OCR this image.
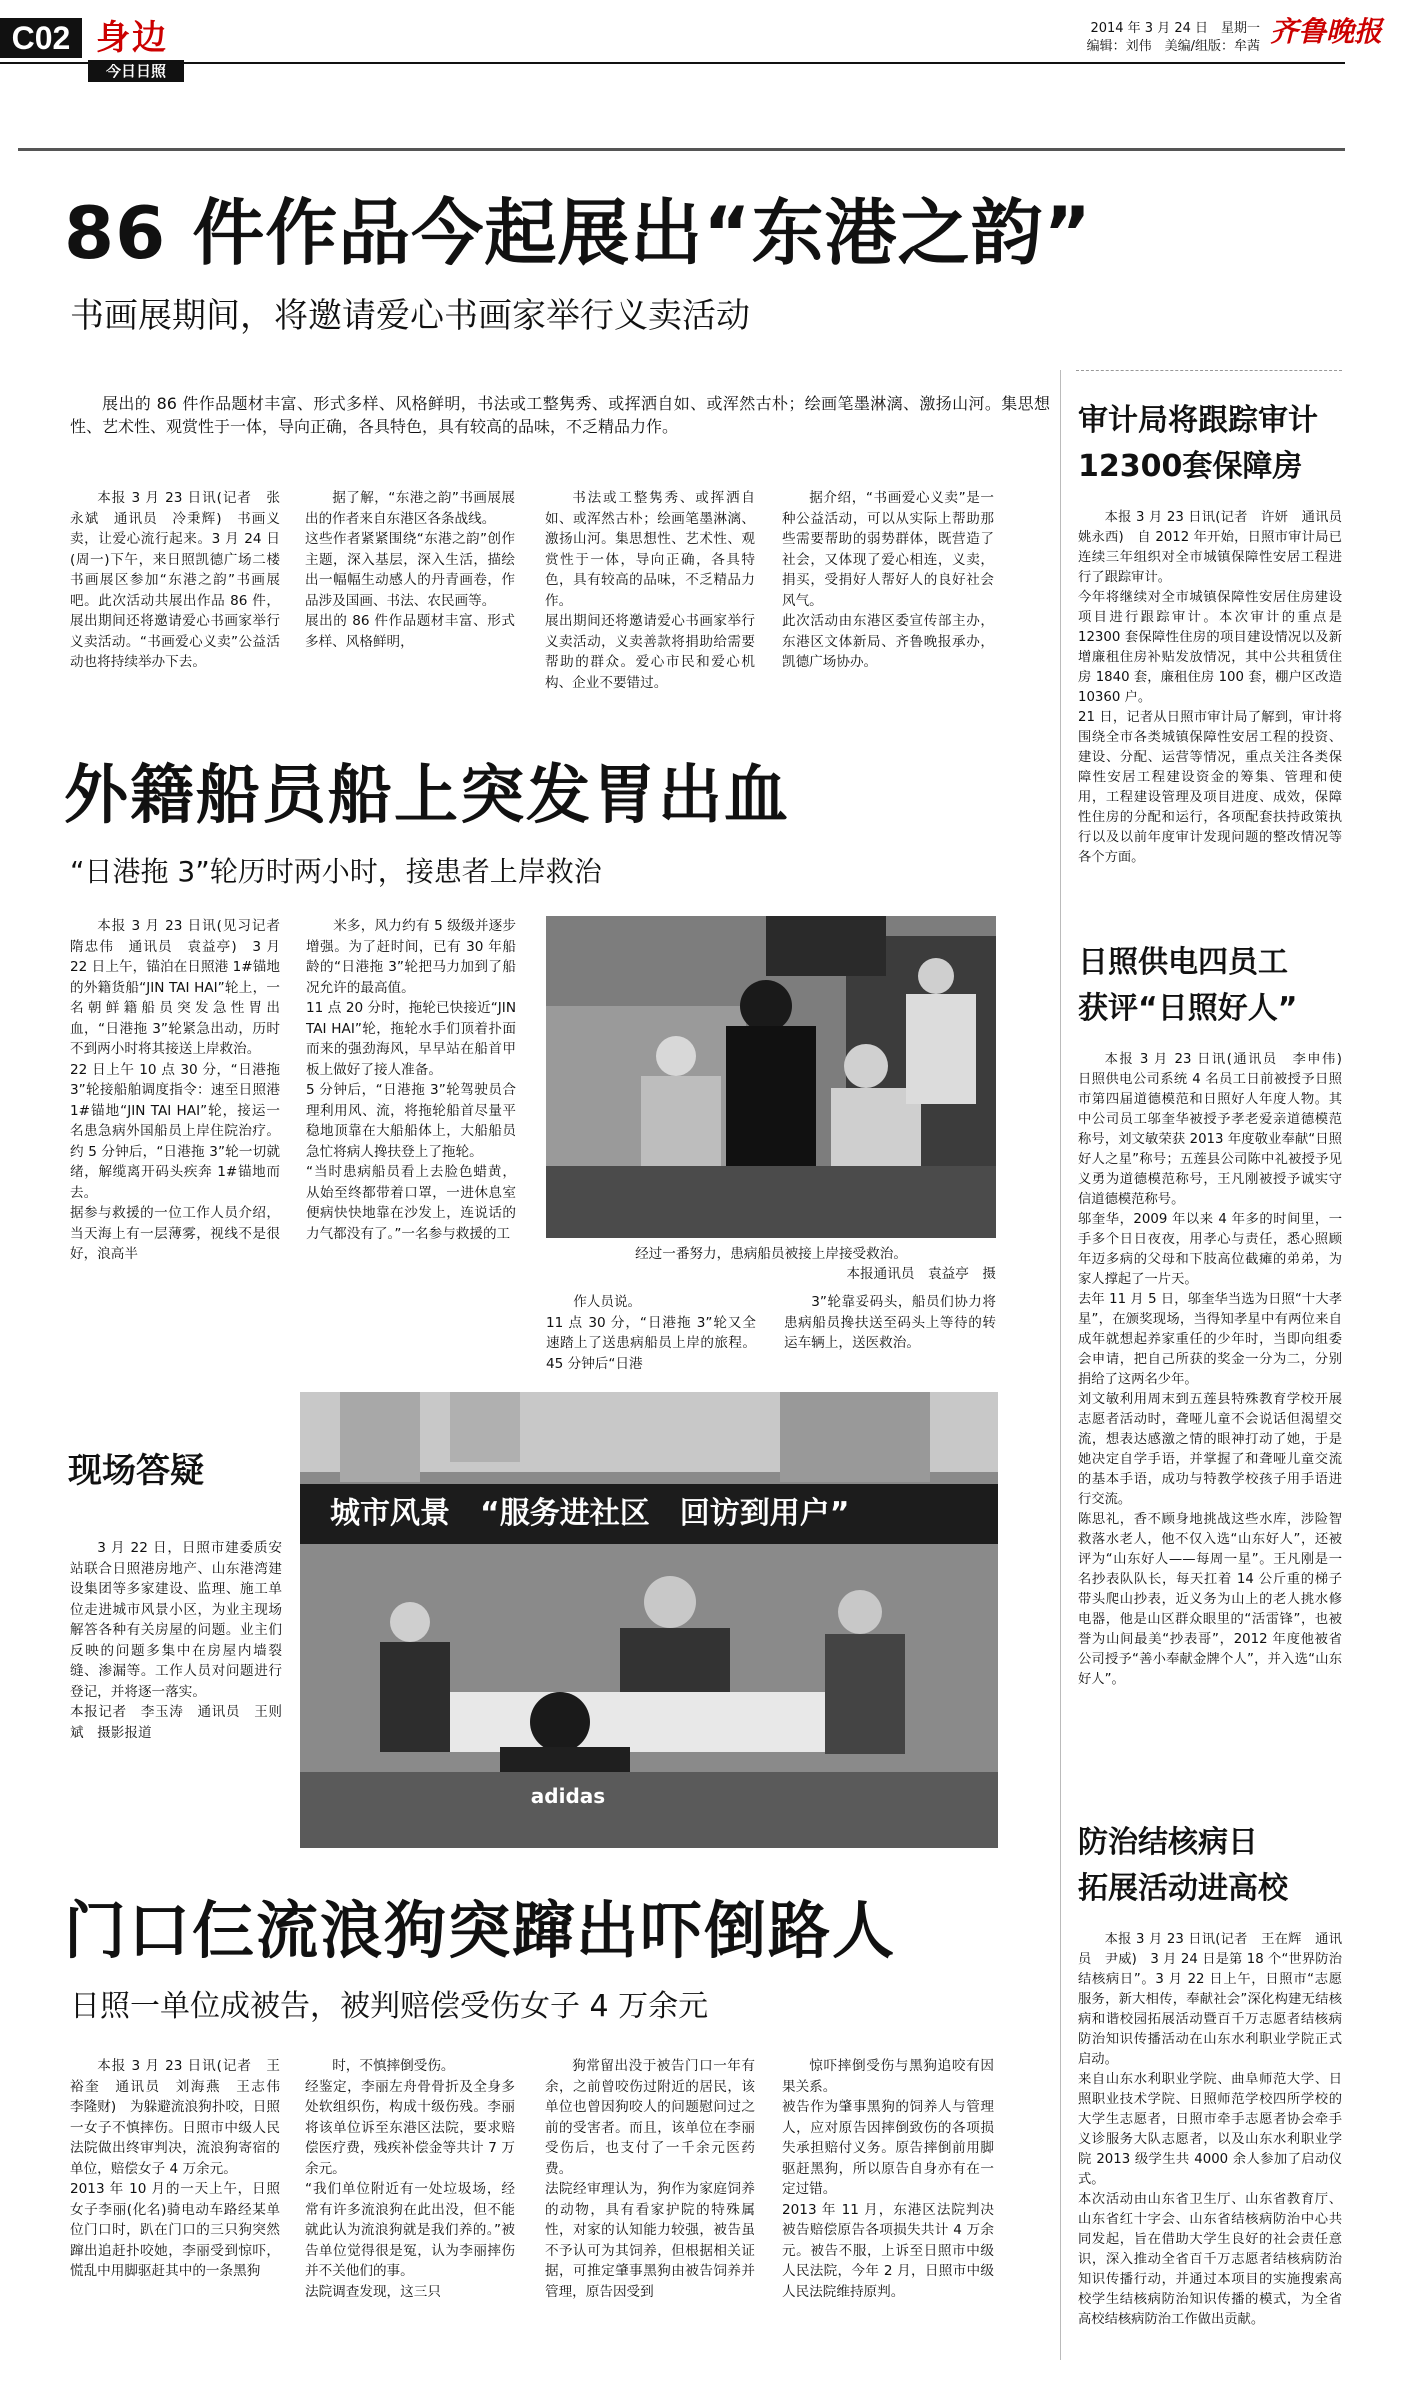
C02 身边
今日日照
2014 年 3 月 24 日　星期一
编辑：刘伟　美编/组版：牟茜 齐鲁晚报
86 件作品今起展出“东港之韵”
书画展期间，将邀请爱心书画家举行义卖活动
展出的 86 件作品题材丰富、形式多样、风格鲜明，书法或工整隽秀、或挥洒自如、或浑然古朴；绘画笔墨淋漓、激扬山河。集思想性、艺术性、观赏性于一体，导向正确，各具特色，具有较高的品味，不乏精品力作。
本报 3 月 23 日讯(记者　张永斌　通讯员　冷秉辉)　书画义卖，让爱心流行起来。3 月 24 日(周一)下午，来日照凯德广场二楼书画展区参加“东港之韵”书画展吧。此次活动共展出作品 86 件，展出期间还将邀请爱心书画家举行义卖活动。“书画爱心义卖”公益活动也将持续举办下去。
据了解，“东港之韵”书画展展出的作者来自东港区各条战线。
这些作者紧紧围绕“东港之韵”创作主题，深入基层，深入生活，描绘出一幅幅生动感人的丹青画卷，作品涉及国画、书法、农民画等。
展出的 86 件作品题材丰富、形式多样、风格鲜明，
书法或工整隽秀、或挥洒自如、或浑然古朴；绘画笔墨淋漓、激扬山河。集思想性、艺术性、观赏性于一体，导向正确，各具特色，具有较高的品味，不乏精品力作。
展出期间还将邀请爱心书画家举行义卖活动，义卖善款将捐助给需要帮助的群众。爱心市民和爱心机构、企业不要错过。
据介绍，“书画爱心义卖”是一种公益活动，可以从实际上帮助那些需要帮助的弱势群体，既营造了社会，又体现了爱心相连，义卖，捐买，受捐好人帮好人的良好社会风气。
此次活动由东港区委宣传部主办，东港区文体新局、齐鲁晚报承办，凯德广场协办。
外籍船员船上突发胃出血
“日港拖 3”轮历时两小时，接患者上岸救治
本报 3 月 23 日讯(见习记者　隋忠伟　通讯员　袁益亭)　3 月 22 日上午，锚泊在日照港 1#锚地的外籍货船“JIN TAI HAI”轮上，一名朝鲜籍船员突发急性胃出血，“日港拖 3”轮紧急出动，历时不到两小时将其接送上岸救治。
22 日上午 10 点 30 分，“日港拖 3”轮接船舶调度指令：速至日照港 1#锚地“JIN TAI HAI”轮，接运一名患急病外国船员上岸住院治疗。约 5 分钟后，“日港拖 3”轮一切就绪，解缆离开码头疾奔 1#锚地而去。
据参与救援的一位工作人员介绍，当天海上有一层薄雾，视线不是很好，浪高半
米多，风力约有 5 级级并逐步增强。为了赶时间，已有 30 年船龄的“日港拖 3”轮把马力加到了船况允许的最高值。
11 点 20 分时，拖轮已快接近“JIN TAI HAI”轮，拖轮水手们顶着扑面而来的强劲海风，早早站在船首甲板上做好了接人准备。
5 分钟后，“日港拖 3”轮驾驶员合理利用风、流，将拖轮船首尽量平稳地顶靠在大船船体上，大船船员急忙将病人搀扶登上了拖轮。
“当时患病船员看上去脸色蜡黄，从始至终都带着口罩，一进休息室便病快快地靠在沙发上，连说话的力气都没有了。”一名参与救援的工
经过一番努力，患病船员被接上岸接受救治。
本报通讯员　袁益亭　摄
作人员说。
11 点 30 分，“日港拖 3”轮又全速踏上了送患病船员上岸的旅程。45 分钟后“日港
3”轮靠妥码头，船员们协力将患病船员搀扶送至码头上等待的转运车辆上，送医救治。
现场答疑
3 月 22 日，日照市建委质安站联合日照港房地产、山东港湾建设集团等多家建设、监理、施工单位走进城市风景小区，为业主现场解答各种有关房屋的问题。业主们反映的问题多集中在房屋内墙裂缝、渗漏等。工作人员对问题进行登记，并将逐一落实。
本报记者　李玉涛　通讯员　王则斌　摄影报道
城市风景　“服务进社区　回访到用户”
adidas
门口仨流浪狗突蹿出吓倒路人
日照一单位成被告，被判赔偿受伤女子 4 万余元
本报 3 月 23 日讯(记者　王裕奎　通讯员　刘海燕　王志伟　李隆财)　为躲避流浪狗扑咬，日照一女子不慎摔伤。日照市中级人民法院做出终审判决，流浪狗寄宿的单位，赔偿女子 4 万余元。
2013 年 10 月的一天上午，日照女子李丽(化名)骑电动车路经某单位门口时，趴在门口的三只狗突然蹿出追赶扑咬她，李丽受到惊吓，慌乱中用脚驱赶其中的一条黑狗
时，不慎摔倒受伤。
经鉴定，李丽左舟骨骨折及全身多处软组织伤，构成十级伤残。李丽将该单位诉至东港区法院，要求赔偿医疗费，残疾补偿金等共计 7 万余元。
“我们单位附近有一处垃圾场，经常有许多流浪狗在此出没，但不能就此认为流浪狗就是我们养的。”被告单位觉得很是冤，认为李丽摔伤并不关他们的事。
法院调查发现，这三只
狗常留出没于被告门口一年有余，之前曾咬伤过附近的居民，该单位也曾因狗咬人的问题慰问过之前的受害者。而且，该单位在李丽受伤后，也支付了一千余元医药费。
法院经审理认为，狗作为家庭饲养的动物，具有看家护院的特殊属性，对家的认知能力较强，被告虽不予认可为其饲养，但根据相关证据，可推定肇事黑狗由被告饲养并管理，原告因受到
惊吓摔倒受伤与黑狗追咬有因果关系。
被告作为肇事黑狗的饲养人与管理人，应对原告因摔倒致伤的各项损失承担赔付义务。原告摔倒前用脚驱赶黑狗，所以原告自身亦有在一定过错。
2013 年 11 月，东港区法院判决被告赔偿原告各项损失共计 4 万余元。被告不服，上诉至日照市中级人民法院，今年 2 月，日照市中级人民法院维持原判。
审计局将跟踪审计
12300套保障房
本报 3 月 23 日讯(记者　许妍　通讯员　姚永西)　自 2012 年开始，日照市审计局已连续三年组织对全市城镇保障性安居工程进行了跟踪审计。
今年将继续对全市城镇保障性安居住房建设项目进行跟踪审计。本次审计的重点是 12300 套保障性住房的项目建设情况以及新增廉租住房补贴发放情况，其中公共租赁住房 1840 套，廉租住房 100 套，棚户区改造 10360 户。
21 日，记者从日照市审计局了解到，审计将围绕全市各类城镇保障性安居工程的投资、建设、分配、运营等情况，重点关注各类保障性安居工程建设资金的筹集、管理和使用，工程建设管理及项目进度、成效，保障性住房的分配和运行，各项配套扶持政策执行以及以前年度审计发现问题的整改情况等各个方面。
日照供电四员工
获评“日照好人”
本报 3 月 23 日讯(通讯员　李申伟)　日照供电公司系统 4 名员工日前被授予日照市第四届道德模范和日照好人年度人物。其中公司员工邬奎华被授予孝老爱亲道德模范称号，刘文敏荣获 2013 年度敬业奉献“日照好人之星”称号；五莲县公司陈中礼被授予见义勇为道德模范称号，王凡刚被授予诚实守信道德模范称号。
邬奎华，2009 年以来 4 年多的时间里，一手多个日日夜夜，用孝心与责任，悉心照顾年迈多病的父母和下肢高位截瘫的弟弟，为家人撑起了一片天。
去年 11 月 5 日，邬奎华当选为日照“十大孝星”，在颁奖现场，当得知孝星中有两位来自成年就想起养家重任的少年时，当即向组委会申请，把自己所获的奖金一分为二，分别捐给了这两名少年。
刘文敏利用周末到五莲县特殊教育学校开展志愿者活动时，聋哑儿童不会说话但渴望交流，想表达感激之情的眼神打动了她，于是她决定自学手语，并掌握了和聋哑儿童交流的基本手语，成功与特教学校孩子用手语进行交流。
陈思礼，香不顾身地挑战这些水库，涉险智救落水老人，他不仅入选“山东好人”，还被评为“山东好人——每周一星”。王凡刚是一名抄表队队长，每天扛着 14 公斤重的梯子带头爬山抄表，近义务为山上的老人挑水修电器，他是山区群众眼里的“活雷锋”，也被誉为山间最美“抄表哥”，2012 年度他被省公司授予“善小奉献金牌个人”，并入选“山东好人”。
防治结核病日
拓展活动进高校
本报 3 月 23 日讯(记者　王在辉　通讯员　尹威)　3 月 24 日是第 18 个“世界防治结核病日”。3 月 22 日上午，日照市“志愿服务，新大相传，奉献社会”深化构建无结核病和谐校园拓展活动暨百千万志愿者结核病防治知识传播活动在山东水利职业学院正式启动。
来自山东水利职业学院、曲阜师范大学、日照职业技术学院、日照师范学校四所学校的大学生志愿者，日照市牵手志愿者协会牵手义诊服务大队志愿者，以及山东水利职业学院 2013 级学生共 4000 余人参加了启动仪式。
本次活动由山东省卫生厅、山东省教育厅、山东省红十字会、山东省结核病防治中心共同发起，旨在借助大学生良好的社会责任意识，深入推动全省百千万志愿者结核病防治知识传播行动，并通过本项目的实施搜索高校学生结核病防治知识传播的模式，为全省高校结核病防治工作做出贡献。
